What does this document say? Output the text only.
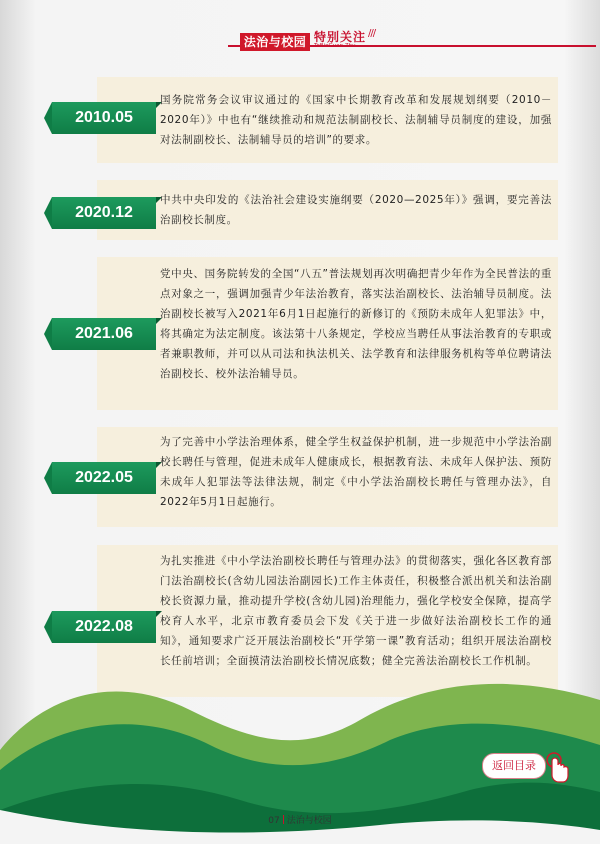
法治与校园 特别关注
TeBieGuan Zhu
///
2010.05
国务院常务会议审议通过的《国家中长期教育改革和发展规划纲要（2010－2020年）》中也有“继续推动和规范法制副校长、法制辅导员制度的建设，加强对法制副校长、法制辅导员的培训”的要求。
2020.12
中共中央印发的《法治社会建设实施纲要（2020—2025年）》强调，要完善法治副校长制度。
2021.06
党中央、国务院转发的全国“八五”普法规划再次明确把青少年作为全民普法的重点对象之一，强调加强青少年法治教育，落实法治副校长、法治辅导员制度。法治副校长被写入2021年6月1日起施行的新修订的《预防未成年人犯罪法》中，将其确定为法定制度。该法第十八条规定，学校应当聘任从事法治教育的专职或者兼职教师，并可以从司法和执法机关、法学教育和法律服务机构等单位聘请法治副校长、校外法治辅导员。
2022.05
为了完善中小学法治理体系，健全学生权益保护机制，进一步规范中小学法治副校长聘任与管理，促进未成年人健康成长，根据教育法、未成年人保护法、预防未成年人犯罪法等法律法规，制定《中小学法治副校长聘任与管理办法》，自2022年5月1日起施行。
2022.08
为扎实推进《中小学法治副校长聘任与管理办法》的贯彻落实，强化各区教育部门法治副校长(含幼儿园法治副园长)工作主体责任，积极整合派出机关和法治副校长资源力量，推动提升学校(含幼儿园)治理能力，强化学校安全保障，提高学校育人水平，北京市教育委员会下发《关于进一步做好法治副校长工作的通知》，通知要求广泛开展法治副校长“开学第一课”教育活动；组织开展法治副校长任前培训；全面摸清法治副校长情况底数；健全完善法治副校长工作机制。
返回目录
07 法治与校园
